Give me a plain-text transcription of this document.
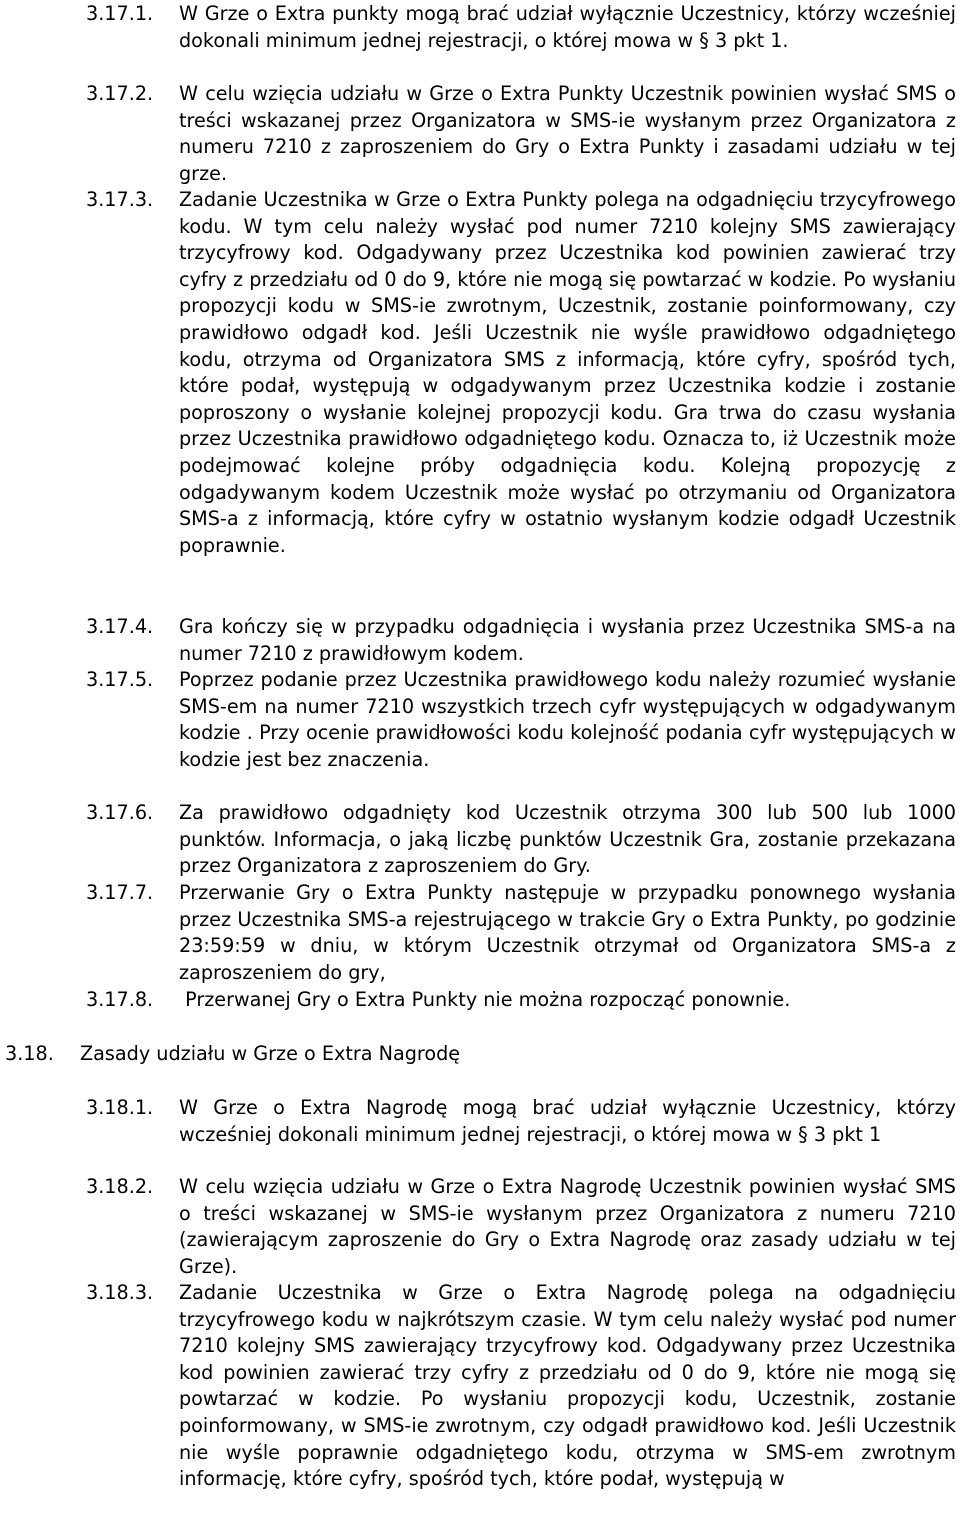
3.17.1.	W Grze o Extra punkty mogą brać udział wyłącznie Uczestnicy, którzy wcześniej dokonali minimum jednej rejestracji, o której mowa w § 3 pkt 1.
3.17.2.	W celu wzięcia udziału w Grze o Extra Punkty Uczestnik powinien wysłać SMS o treści wskazanej przez Organizatora w SMS-ie wysłanym przez Organizatora z numeru 7210 z zaproszeniem do Gry o Extra Punkty i zasadami udziału w tej grze.
3.17.3.	Zadanie Uczestnika w Grze o Extra Punkty polega na odgadnięciu trzycyfrowego kodu. W tym celu należy wysłać pod numer 7210 kolejny SMS zawierający trzycyfrowy kod. Odgadywany przez Uczestnika kod powinien zawierać trzy cyfry z przedziału od 0 do 9, które nie mogą się powtarzać w kodzie. Po wysłaniu propozycji kodu w SMS-ie zwrotnym, Uczestnik, zostanie poinformowany, czy prawidłowo odgadł kod. Jeśli Uczestnik nie wyśle prawidłowo odgadniętego kodu, otrzyma od Organizatora SMS z informacją, które cyfry, spośród tych, które podał, występują w odgadywanym przez Uczestnika kodzie i zostanie poproszony o wysłanie kolejnej propozycji kodu. Gra trwa do czasu wysłania przez Uczestnika prawidłowo odgadniętego kodu. Oznacza to, iż Uczestnik może podejmować kolejne próby odgadnięcia kodu. Kolejną propozycję z odgadywanym kodem Uczestnik może wysłać po otrzymaniu od Organizatora SMS-a z informacją, które cyfry w ostatnio wysłanym kodzie odgadł Uczestnik poprawnie.
3.17.4.	Gra kończy się w przypadku odgadnięcia i wysłania przez Uczestnika SMS-a na numer 7210 z prawidłowym kodem.
3.17.5.	Poprzez podanie przez Uczestnika prawidłowego kodu należy rozumieć wysłanie SMS-em na numer 7210 wszystkich trzech cyfr występujących w odgadywanym kodzie . Przy ocenie prawidłowości kodu kolejność podania cyfr występujących w kodzie jest bez znaczenia.
3.17.6.	Za prawidłowo odgadnięty kod Uczestnik otrzyma 300 lub 500 lub 1000 punktów. Informacja, o jaką liczbę punktów Uczestnik Gra, zostanie przekazana przez Organizatora z zaproszeniem do Gry.
3.17.7.	Przerwanie Gry o Extra Punkty następuje w przypadku ponownego wysłania przez Uczestnika SMS-a rejestrującego w trakcie Gry o Extra Punkty, po godzinie 23:59:59 w dniu, w którym Uczestnik otrzymał od Organizatora SMS-a z zaproszeniem do gry,
3.17.8.	Przerwanej Gry o Extra Punkty nie można rozpocząć ponownie.
3.18.	Zasady udziału w Grze o Extra Nagrodę
3.18.1.	W Grze o Extra Nagrodę mogą brać udział wyłącznie Uczestnicy, którzy wcześniej dokonali minimum jednej rejestracji, o której mowa w § 3 pkt 1
3.18.2.	W celu wzięcia udziału w Grze o Extra Nagrodę Uczestnik powinien wysłać SMS o treści wskazanej w SMS-ie wysłanym przez Organizatora z numeru 7210 (zawierającym zaproszenie do Gry o Extra Nagrodę oraz zasady udziału w tej Grze).
3.18.3.	Zadanie Uczestnika w Grze o Extra Nagrodę polega na odgadnięciu trzycyfrowego kodu w najkrótszym czasie. W tym celu należy wysłać pod numer 7210 kolejny SMS zawierający trzycyfrowy kod. Odgadywany przez Uczestnika kod powinien zawierać trzy cyfry z przedziału od 0 do 9, które nie mogą się powtarzać w kodzie. Po wysłaniu propozycji kodu, Uczestnik, zostanie poinformowany, w SMS-ie zwrotnym, czy odgadł prawidłowo kod. Jeśli Uczestnik nie wyśle poprawnie odgadniętego kodu, otrzyma w SMS-em zwrotnym informację, które cyfry, spośród tych, które podał, występują w
